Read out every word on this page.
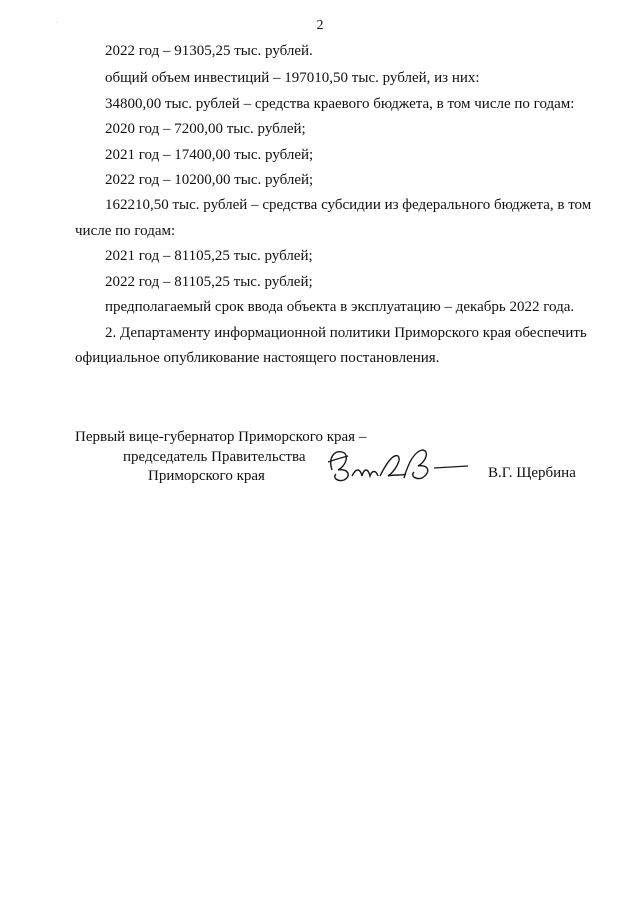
·	2
2022 год – 91305,25 тыс. рублей.
общий объем инвестиций – 197010,50 тыс. рублей, из них:
34800,00 тыс. рублей – средства краевого бюджета, в том числе по годам:
2020 год – 7200,00 тыс. рублей;
2021 год – 17400,00 тыс. рублей;
2022 год – 10200,00 тыс. рублей;
162210,50 тыс. рублей – средства субсидии из федерального бюджета, в том
числе по годам:
2021 год – 81105,25 тыс. рублей;
2022 год – 81105,25 тыс. рублей;
предполагаемый срок ввода объекта в эксплуатацию – декабрь 2022 года.
2. Департаменту информационной политики Приморского края обеспечить
официальное опубликование настоящего постановления.
Первый вице-губернатор Приморского края –
председатель Правительства
Приморского края	В.Г. Щербина
